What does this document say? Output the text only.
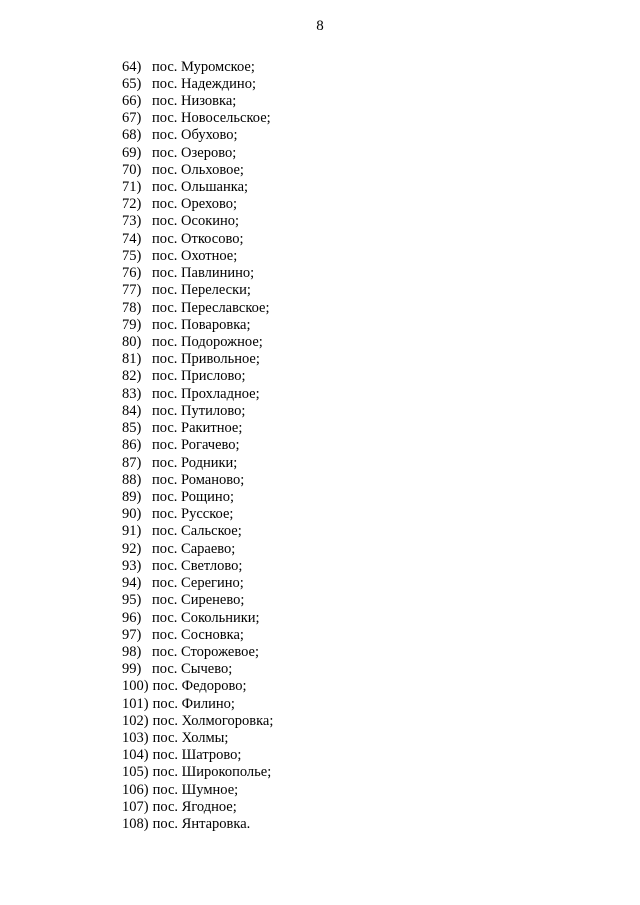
8
64) пос. Муромское;
65) пос. Надеждино;
66) пос. Низовка;
67) пос. Новосельское;
68) пос. Обухово;
69) пос. Озерово;
70) пос. Ольховое;
71) пос. Ольшанка;
72) пос. Орехово;
73) пос. Осокино;
74) пос. Откосово;
75) пос. Охотное;
76) пос. Павлинино;
77) пос. Перелески;
78) пос. Переславское;
79) пос. Поваровка;
80) пос. Подорожное;
81) пос. Привольное;
82) пос. Прислово;
83) пос. Прохладное;
84) пос. Путилово;
85) пос. Ракитное;
86) пос. Рогачево;
87) пос. Родники;
88) пос. Романово;
89) пос. Рощино;
90) пос. Русское;
91) пос. Сальское;
92) пос. Сараево;
93) пос. Светлово;
94) пос. Серегино;
95) пос. Сиренево;
96) пос. Сокольники;
97) пос. Сосновка;
98) пос. Сторожевое;
99) пос. Сычево;
100) пос. Федорово;
101) пос. Филино;
102) пос. Холмогоровка;
103) пос. Холмы;
104) пос. Шатрово;
105) пос. Широкополье;
106) пос. Шумное;
107) пос. Ягодное;
108) пос. Янтаровка.
